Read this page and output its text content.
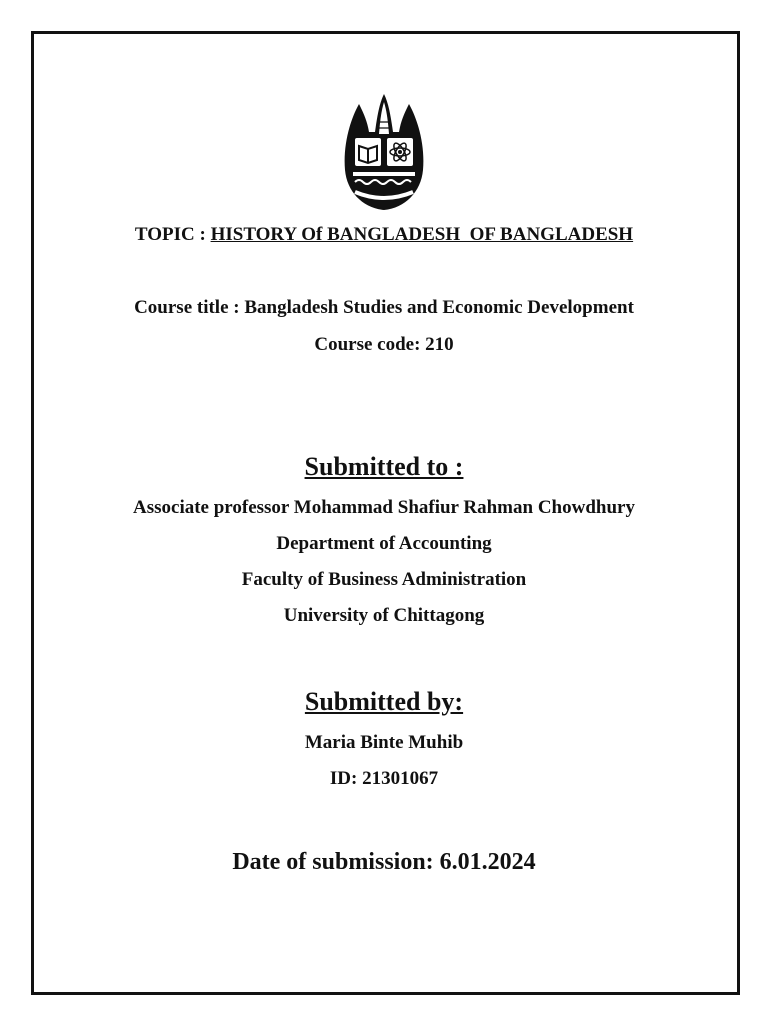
TOPIC : HISTORY Of BANGLADESH  OF BANGLADESH
Course title : Bangladesh Studies and Economic Development
Course code: 210
Submitted to :
Associate professor Mohammad Shafiur Rahman Chowdhury
Department of Accounting
Faculty of Business Administration
University of Chittagong
Submitted by:
Maria Binte Muhib
ID: 21301067
Date of submission: 6.01.2024
